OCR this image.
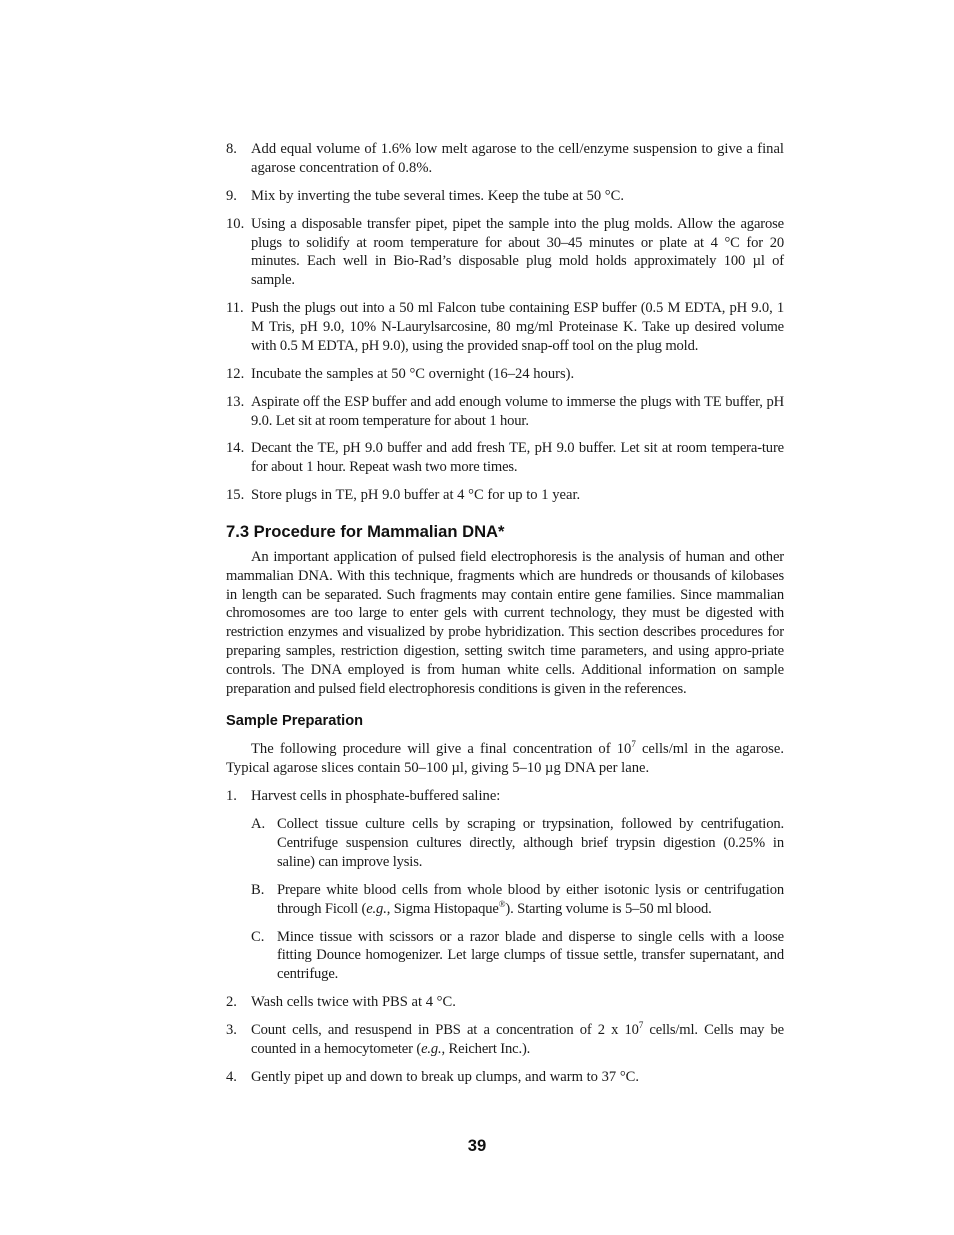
8. Add equal volume of 1.6% low melt agarose to the cell/enzyme suspension to give a final agarose concentration of 0.8%.
9. Mix by inverting the tube several times. Keep the tube at 50 °C.
10. Using a disposable transfer pipet, pipet the sample into the plug molds. Allow the agarose plugs to solidify at room temperature for about 30–45 minutes or plate at 4 °C for 20 minutes. Each well in Bio-Rad’s disposable plug mold holds approximately 100 µl of sample.
11. Push the plugs out into a 50 ml Falcon tube containing ESP buffer (0.5 M EDTA, pH 9.0, 1 M Tris, pH 9.0, 10% N-Laurylsarcosine, 80 mg/ml Proteinase K. Take up desired volume with 0.5 M EDTA, pH 9.0), using the provided snap-off tool on the plug mold.
12. Incubate the samples at 50 °C overnight (16–24 hours).
13. Aspirate off the ESP buffer and add enough volume to immerse the plugs with TE buffer, pH 9.0. Let sit at room temperature for about 1 hour.
14. Decant the TE, pH 9.0 buffer and add fresh TE, pH 9.0 buffer. Let sit at room tempera-ture for about 1 hour. Repeat wash two more times.
15. Store plugs in TE, pH 9.0 buffer at 4 °C for up to 1 year.
7.3 Procedure for Mammalian DNA*

An important application of pulsed field electrophoresis is the analysis of human and other mammalian DNA. With this technique, fragments which are hundreds or thousands of kilobases in length can be separated. Such fragments may contain entire gene families. Since mammalian chromosomes are too large to enter gels with current technology, they must be digested with restriction enzymes and visualized by probe hybridization. This section describes procedures for preparing samples, restriction digestion, setting switch time parameters, and using appro-priate controls. The DNA employed is from human white cells. Additional information on sample preparation and pulsed field electrophoresis conditions is given in the references.

Sample Preparation

The following procedure will give a final concentration of $10^7$ cells/ml in the agarose. Typical agarose slices contain 50–100 µl, giving 5–10 µg DNA per lane.

1. Harvest cells in phosphate-buffered saline:
A. Collect tissue culture cells by scraping or trypsination, followed by centrifugation. Centrifuge suspension cultures directly, although brief trypsin digestion (0.25% in saline) can improve lysis.
B. Prepare white blood cells from whole blood by either isotonic lysis or centrifugation through Ficoll (e.g., Sigma Histopaque®). Starting volume is 5–50 ml blood.
C. Mince tissue with scissors or a razor blade and disperse to single cells with a loose fitting Dounce homogenizer. Let large clumps of tissue settle, transfer supernatant, and centrifuge.
2. Wash cells twice with PBS at 4 °C.
3. Count cells, and resuspend in PBS at a concentration of 2 x $10^7$ cells/ml. Cells may be counted in a hemocytometer (e.g., Reichert Inc.).
4. Gently pipet up and down to break up clumps, and warm to 37 °C.
39
